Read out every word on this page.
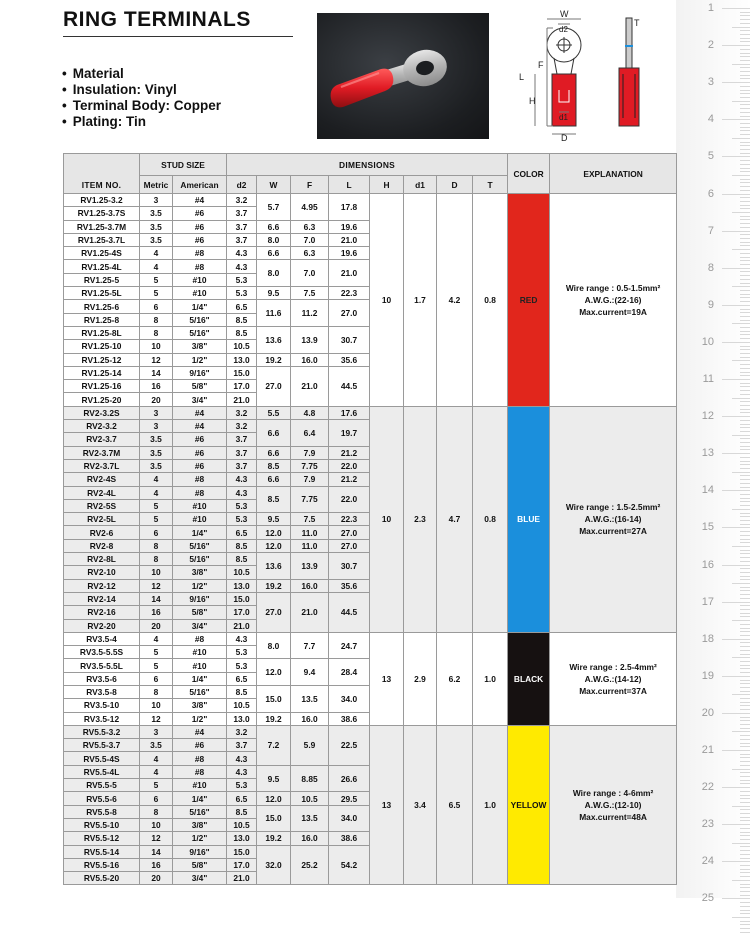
RING TERMINALS
• Material
• Insulation: Vinyl
• Terminal Body: Copper
• Plating: Tin
W
d2
F
L
H
d1
D
T
1
2
3
4
5
6
7
8
9
10
11
12
13
14
15
16
17
18
19
20
21
22
23
24
25
ITEM NO.	STUD SIZE		DIMENSIONS								COLOR	EXPLANATION
	Metric	American	d2	W	F	L	H	d1	D	T		
RV1.25-3.2	3	#4	3.2	5.7	4.95	17.8	10	1.7	4.2	0.8	RED	Wire range : 0.5-1.5mm²
A.W.G.:(22-16)
Max.current=19A

RV1.25-3.7S	3.5	#6	3.7									
RV1.25-3.7M	3.5	#6	3.7	6.6	6.3	19.6						
RV1.25-3.7L	3.5	#6	3.7	8.0	7.0	21.0						
RV1.25-4S	4	#8	4.3	6.6	6.3	19.6						
RV1.25-4L	4	#8	4.3	8.0	7.0	21.0						
RV1.25-5	5	#10	5.3									
RV1.25-5L	5	#10	5.3	9.5	7.5	22.3						
RV1.25-6	6	1/4"	6.5	11.6	11.2	27.0						
RV1.25-8	8	5/16"	8.5									
RV1.25-8L	8	5/16"	8.5	13.6	13.9	30.7						
RV1.25-10	10	3/8"	10.5									
RV1.25-12	12	1/2"	13.0	19.2	16.0	35.6						
RV1.25-14	14	9/16"	15.0	27.0	21.0	44.5						
RV1.25-16	16	5/8"	17.0									
RV1.25-20	20	3/4"	21.0									
RV2-3.2S	3	#4	3.2	5.5	4.8	17.6	10	2.3	4.7	0.8	BLUE	Wire range : 1.5-2.5mm²
A.W.G.:(16-14)
Max.current=27A

RV2-3.2	3	#4	3.2	6.6	6.4	19.7						
RV2-3.7	3.5	#6	3.7									
RV2-3.7M	3.5	#6	3.7	6.6	7.9	21.2						
RV2-3.7L	3.5	#6	3.7	8.5	7.75	22.0						
RV2-4S	4	#8	4.3	6.6	7.9	21.2						
RV2-4L	4	#8	4.3	8.5	7.75	22.0						
RV2-5S	5	#10	5.3									
RV2-5L	5	#10	5.3	9.5	7.5	22.3						
RV2-6	6	1/4"	6.5	12.0	11.0	27.0						
RV2-8	8	5/16"	8.5	12.0	11.0	27.0						
RV2-8L	8	5/16"	8.5	13.6	13.9	30.7						
RV2-10	10	3/8"	10.5									
RV2-12	12	1/2"	13.0	19.2	16.0	35.6						
RV2-14	14	9/16"	15.0	27.0	21.0	44.5						
RV2-16	16	5/8"	17.0									
RV2-20	20	3/4"	21.0									
RV3.5-4	4	#8	4.3	8.0	7.7	24.7	13	2.9	6.2	1.0	BLACK	Wire range : 2.5-4mm²
A.W.G.:(14-12)
Max.current=37A

RV3.5-5.5S	5	#10	5.3									
RV3.5-5.5L	5	#10	5.3	12.0	9.4	28.4						
RV3.5-6	6	1/4"	6.5									
RV3.5-8	8	5/16"	8.5	15.0	13.5	34.0						
RV3.5-10	10	3/8"	10.5									
RV3.5-12	12	1/2"	13.0	19.2	16.0	38.6						
RV5.5-3.2	3	#4	3.2	7.2	5.9	22.5	13	3.4	6.5	1.0	YELLOW	Wire range : 4-6mm²
A.W.G.:(12-10)
Max.current=48A

RV5.5-3.7	3.5	#6	3.7									
RV5.5-4S	4	#8	4.3									
RV5.5-4L	4	#8	4.3	9.5	8.85	26.6						
RV5.5-5	5	#10	5.3									
RV5.5-6	6	1/4"	6.5	12.0	10.5	29.5						
RV5.5-8	8	5/16"	8.5	15.0	13.5	34.0						
RV5.5-10	10	3/8"	10.5									
RV5.5-12	12	1/2"	13.0	19.2	16.0	38.6						
RV5.5-14	14	9/16"	15.0	32.0	25.2	54.2						
RV5.5-16	16	5/8"	17.0									
RV5.5-20	20	3/4"	21.0									
